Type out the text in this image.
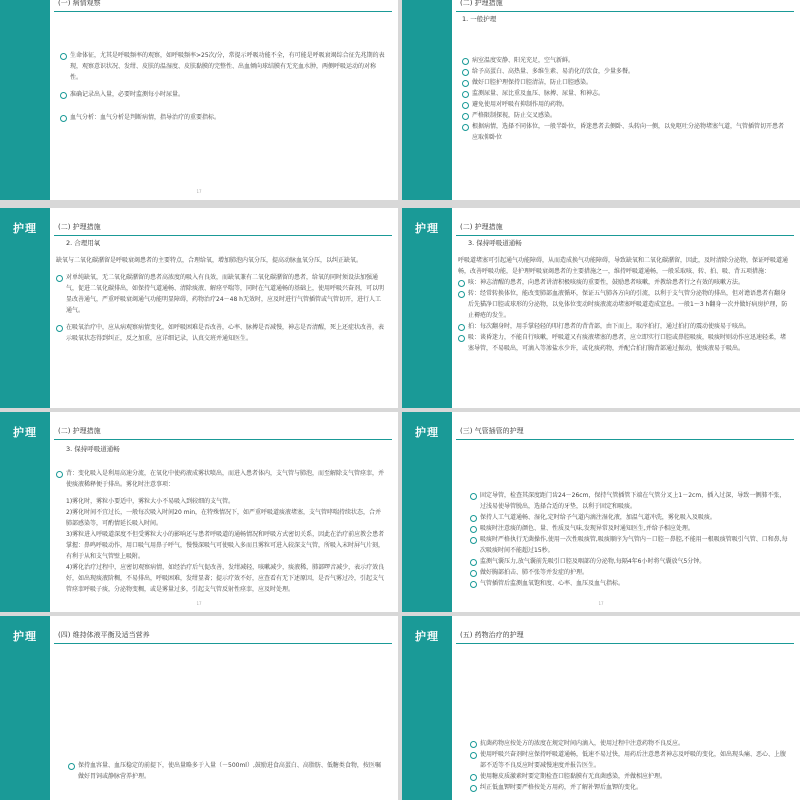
(一) 病情观察

生命体征，尤其是呼吸频率的观察，如呼吸频率>25次/分，常提示呼吸功能不全，有可能是呼吸衰竭综合征先兆期的表现，观察意识状况、发绀、皮肤的温湿度、皮肤黏膜的完整性、出血倾向球结膜有无充血水肿，两侧呼吸运动的对称性。

准确记录出入量，必要时监测每小时尿量。

血气分析：血气分析是判断病情，指导治疗的重要指标。

17
(二) 护理措施
1. 一般护理

病室温度安静、阳光充足，空气新鲜。

给予高蛋白、高热量、多维生素、易消化的饮食，少量多餐。

做好口腔护理保持口腔清洁，防止口腔感染。

监测尿量、尿比重及血压、脉搏、尿量、和神志。

避免使用对呼吸有抑制作用的药物。

严格限制探视，防止交叉感染。

根据病情，选择不同体位，一般半卧位，昏迷患者去侧卧、头转向一侧，以免呕吐分泌物堵塞气道，气管插管切开患者应取仰卧位

护理	(二) 护理措施
2. 合理用氧

缺氧与二氧化碳潴留是呼吸衰竭患者的主要特点，合理给氧，增加肺泡内氧分压，提高动脉血氧分压，以纠正缺氧。

对单纯缺氧，无二氧化碳潴留的患者高浓度的吸入有良效，而缺氧兼有二氧化碳潴留的患者，给氧的同时须设法加强通气，促进二氧化碳排出，如保持气道通畅、清除痰液、解痉平喘等，同时在气道通畅的基础上，使用呼吸兴奋剂，可以明显改善通气，严重呼吸衰竭通气功能明显障碍，药物治疗24－48 h无效时，应及时进行气管插管或气管切开，进行人工通气。

在吸氧治疗中，应从病观察病情变化，如呼吸困难是否改善，心率、脉搏是否减慢，神志是否清醒，死上还症状改善，表示吸氧状态得到纠正，反之加重，应详细记录，认真交班并通知医生。

护理	(二) 护理措施
3. 保持呼吸道通畅

呼吸道堵塞可引起通气功能障碍，从而造成换气功能障碍，导致缺氧和二氧化碳潴留，因此，及时清除分泌物，保证呼吸道通畅，改善呼吸功能，是护理呼吸衰竭患者的主要措施之一，维持呼吸道通畅，一般采取咳、转、拍、吸、背五项措施：

咳：神志清醒的患者，向患者讲清积极咳痰的重要性，鼓励患者咳嗽，并教给患者行之有效的咳嗽方法。

转：经常转换体位，能改变肺部血液循环，保证五气肺各方向的引流，以利于支气管分泌物的排出，但对谵语患者有翻身后先猫净口腔或球形的分泌物，以免体位变动时痰液流动堵塞呼吸道造成窒息。一般1～3 h翻身一次并做好病房护理，防止褥疮的发生。

拍：每次翻身时，用手掌轻轻的叩打患者的背背部，由下而上，取序拍打，通过拍打的震动使痰易于咳出。

吸：谈昏迷力，不能自行咳嗽，呼吸道又有痰液堵塞的患者，应立即实行口腔或鼻腔吸痰，吸痰时则动作应迅速轻柔，堵塞导管，不易吸出，可滴入等渗盐水少许，或化痰药物，并配合拍打胸背部通过振动，使痰液易于吸出。

护理	(二) 护理措施
3. 保持呼吸道通畅

背：变化吸入是利用高速分流，在氧化中使药液成雾状喷出，而进入患者体内，支气管与肺泡，而至解除支气管痉挛，并使痰液稀释便于排出。雾化时注意事项：

1)雾化时，雾粒小要适中，雾粒大小不易吸入到较细的支气管。

2)雾化时间不宜过长，一般每次吸入时间20 min，在特殊情况下，如严重呼吸道痰液堵塞，支气管哮喘持续状态，合并肺部感染等，可酌情延长吸入时间。

3)雾粒进入呼吸道深度不但受雾粒大小的影响还与患者呼吸道的通畅情况和呼吸方式密切关系，因此在治疗前应教会患者掌握：鼻鸣呼吸动作，用口吸气用鼻子呼气，慢慢深吸气可使吸入多而且雾粒可进入较深支气管，所吸入末时屏气片刻，有利于从和支气管壁上吸附。

4)雾化治疗过程中，应密切观察病情，如经治疗后气促改善，发绀减轻，咳嗽减少，痰液稀，肺部啰音减少，表示疗效良好，如出现痰液阶稠，不易排出，呼吸困难，发绀显著；提示疗效不好，应查看有无下述原因，是否气雾过冷，引起支气管痉挛呼吸子痰，分泌物变稠，或是雾量过多，引起支气管反射性痉挛，应及时处理。

17
护理	(三) 气管插管的护理

固定导管，检查其深度距门齿24－26cm，保持气管插管下端在气管分叉上1－2cm，插入过深，导致一侧肺不张，过浅易使导管脱出，选择合适的牙垫，以利于固定和吸痰。

保持人工气道通畅、湿化,定时给予气道内滴注湿化液，加温气道冲洗，雾化吸入及吸痰。

吸痰时注意痰的颜色、量、性质及气味,发现异常及时通知医生,并给予相应处理。

吸痰时严格执行无菌操作,使用一次性吸痰管,吸痰顺序为气管内－口腔－鼻腔,不能用一根吸痰管吸引气管、口和鼻,每次吸痰时间不能超过15秒。

监测气囊压力,放气囊前先吸引口腔及咽部的分泌物,每隔4年6小时将气囊放气5分钟。

做好胸部拍击、肺不张等并发症的护理。

气管插管后监测血氧饱和度、心率、血压及血气指标。

17
护理	(四) 维持体液平衡及适当营养

保持血容量、血压稳定的前提下，使出量略多于入量（－500ml）,鼓励进食高蛋白、高脂肪、低糖类食物，按医嘱做好胃饲或静脉营养护理。

护理	(五) 药物治疗的护理

抗菌药物应按处方的浓度在规定时间内滴入，使用过程中注意药物不良反应。

使用呼吸兴奋剂时应保持呼吸道通畅，低速不易过快，用药后注意患者神志及呼吸的变化，如出现头痛、恶心、上腹部不适等不良反应时要减慢速度并报告医生。

使用糖皮质激素时要定期检查口腔黏膜有无真菌感染，并做相应护理。

纠正低血钾时要严格按处方用药，并了解补钾后血钾的变化。
